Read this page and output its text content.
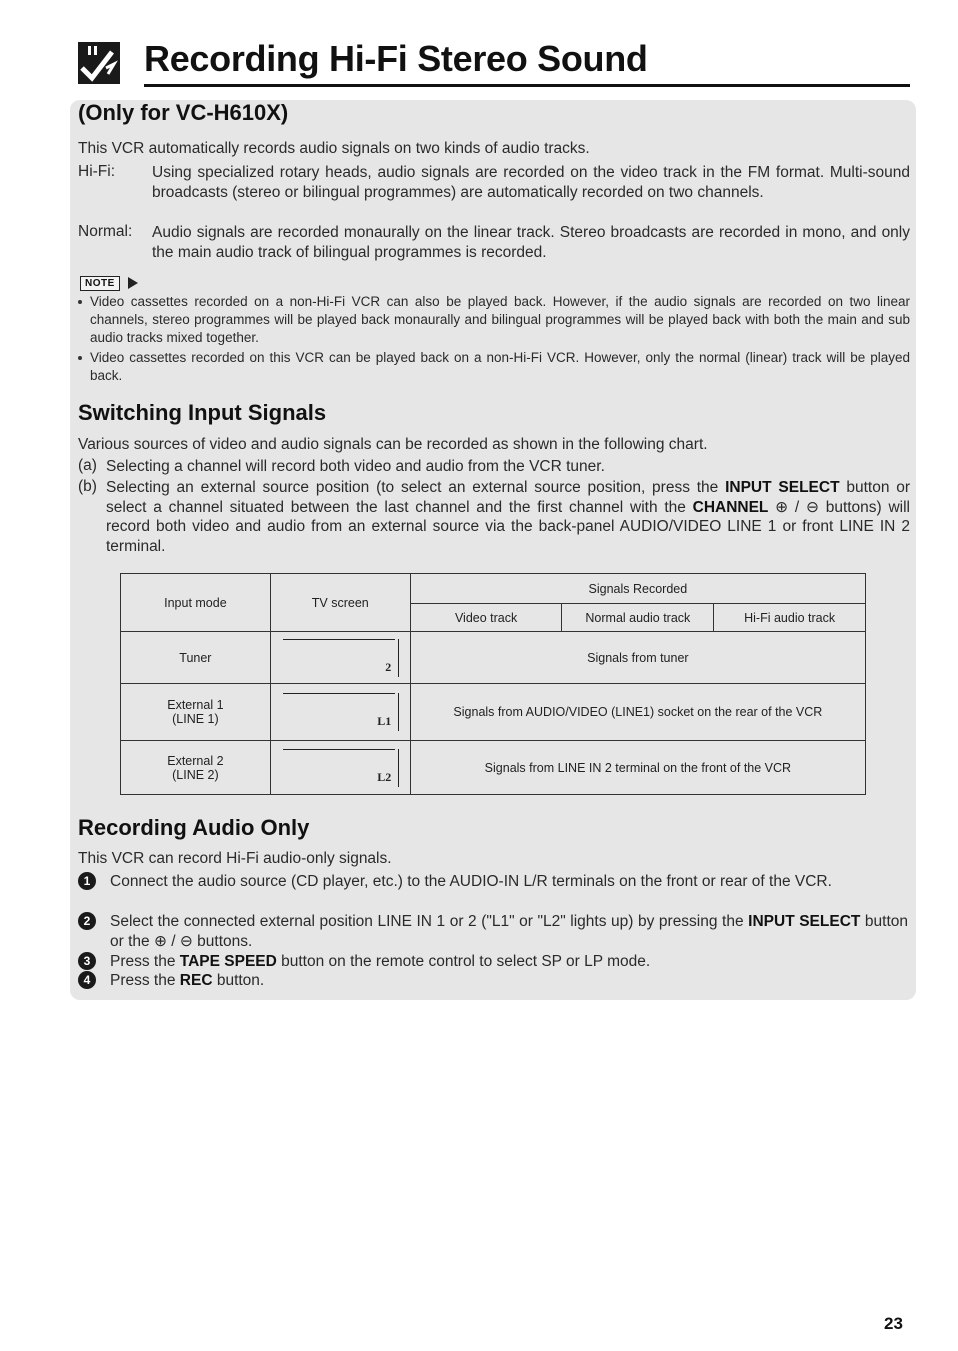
Recording Hi-Fi Stereo Sound
(Only for VC-H610X)
This VCR automatically records audio signals on two kinds of audio tracks.
Hi-Fi: Using specialized rotary heads, audio signals are recorded on the video track in the FM format. Multi-sound broadcasts (stereo or bilingual programmes) are automatically recorded on two channels.
Normal: Audio signals are recorded monaurally on the linear track. Stereo broadcasts are recorded in mono, and only the main audio track of bilingual programmes is recorded.
NOTE
Video cassettes recorded on a non-Hi-Fi VCR can also be played back. However, if the audio signals are recorded on two linear channels, stereo programmes will be played back monaurally and bilingual programmes will be played back with both the main and sub audio tracks mixed together.
Video cassettes recorded on this VCR can be played back on a non-Hi-Fi VCR. However, only the normal (linear) track will be played back.
Switching Input Signals
Various sources of video and audio signals can be recorded as shown in the following chart.
(a) Selecting a channel will record both video and audio from the VCR tuner.
(b) Selecting an external source position (to select an external source position, press the INPUT SELECT button or select a channel situated between the last channel and the first channel with the CHANNEL ⊕ / ⊖ buttons) will record both video and audio from an external source via the back-panel AUDIO/VIDEO LINE 1 or front LINE IN 2 terminal.
Input mode	TV screen	Signals Recorded		
		Video track	Normal audio track	Hi-Fi audio track
Tuner	2	Signals from tuner		
External 1
(LINE 1)	L1	Signals from AUDIO/VIDEO (LINE1) socket on the rear of the VCR		
External 2
(LINE 2)	L2	Signals from LINE IN 2 terminal on the front of the VCR		
Recording Audio Only
This VCR can record Hi-Fi audio-only signals.
1	Connect the audio source (CD player, etc.) to the AUDIO-IN L/R terminals on the front or rear of the VCR.
2	Select the connected external position LINE IN 1 or 2 ("L1" or "L2" lights up) by pressing the INPUT SELECT button or the ⊕ / ⊖ buttons.
3	Press the TAPE SPEED button on the remote control to select SP or LP mode.
4	Press the REC button.
23
